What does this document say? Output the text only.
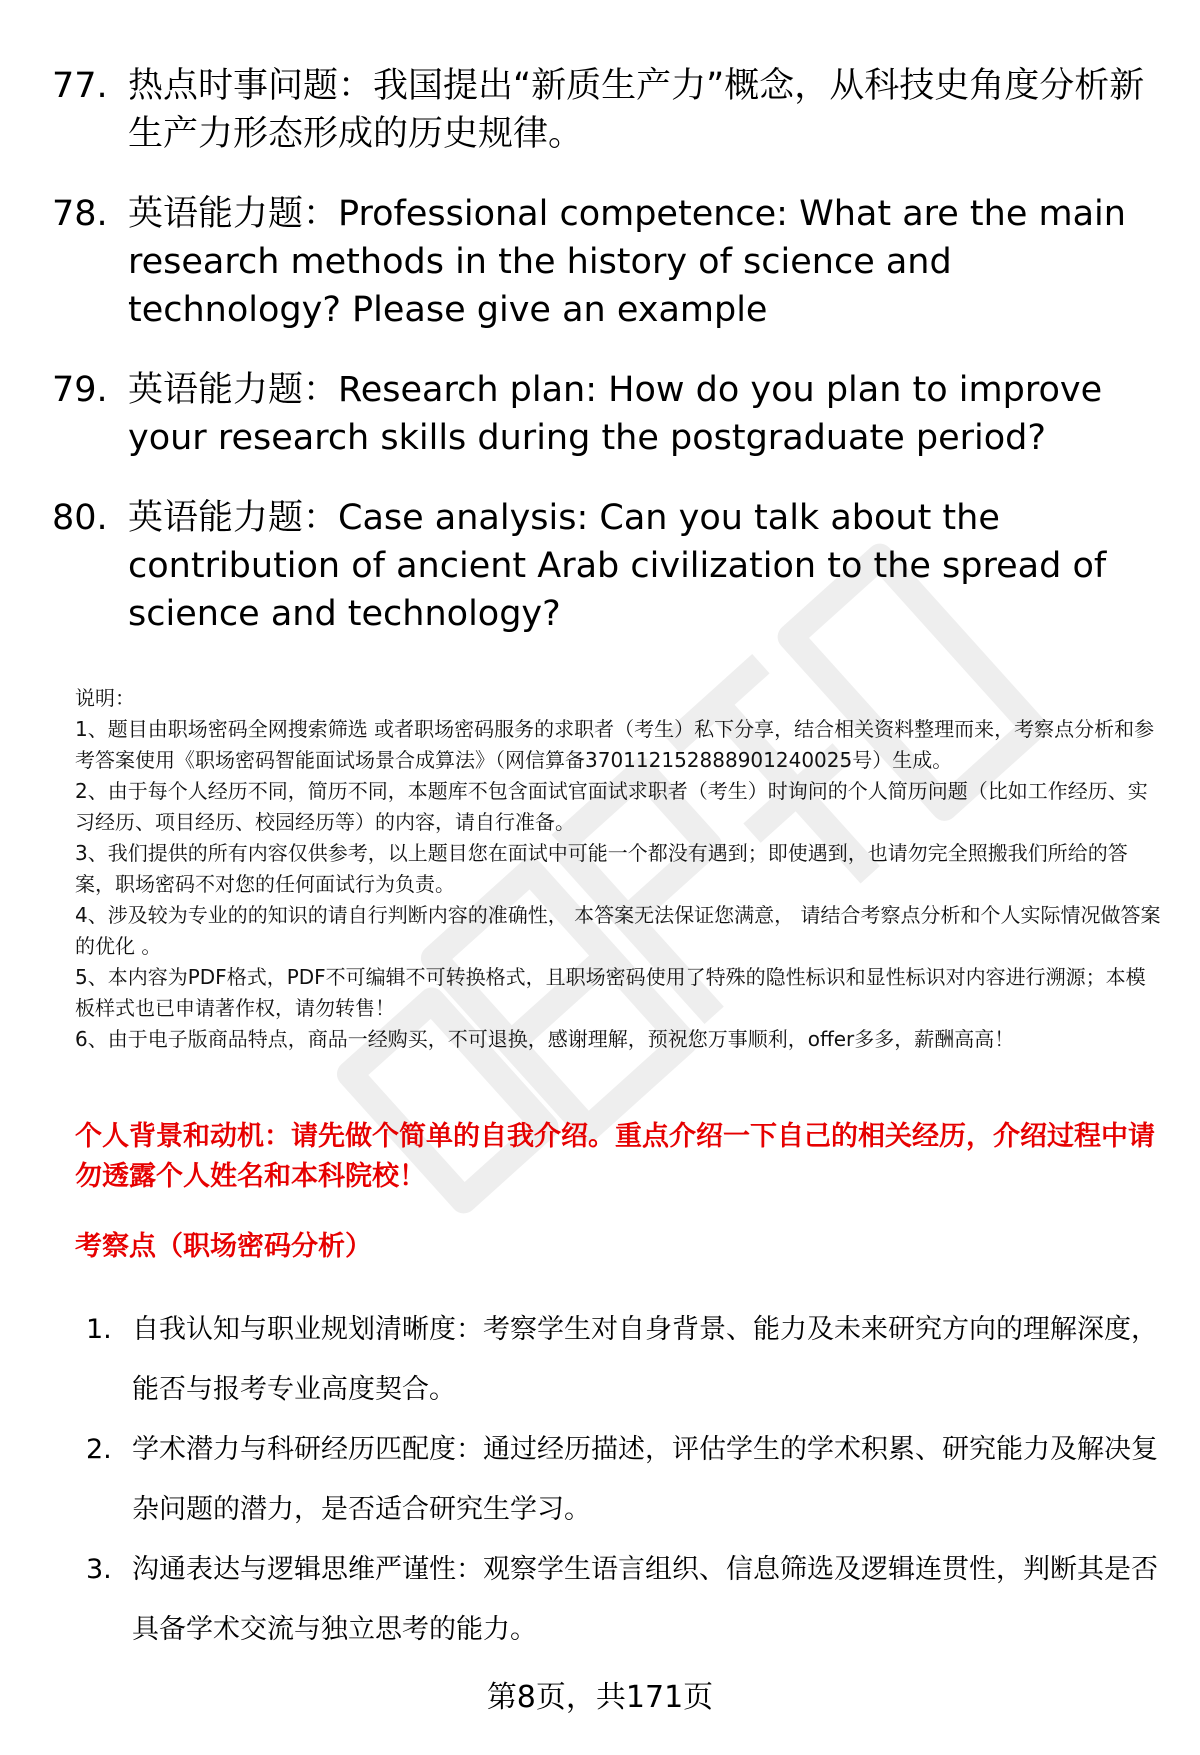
77. 热点时事问题：我国提出“新质生产力”概念，从科技史角度分析新生产力形态形成的历史规律。
78. 英语能力题：Professional competence: What are the main research methods in the history of science and technology? Please give an example
79. 英语能力题：Research plan: How do you plan to improve your research skills during the postgraduate period?
80. 英语能力题：Case analysis: Can you talk about the contribution of ancient Arab civilization to the spread of science and technology?

说明：

1、题目由职场密码全网搜索筛选 或者职场密码服务的求职者（考生）私下分享，结合相关资料整理而来，考察点分析和参考答案使用《职场密码智能面试场景合成算法》（网信算备370112152888901240025号）生成。

2、由于每个人经历不同，简历不同，本题库不包含面试官面试求职者（考生）时询问的个人简历问题（比如工作经历、实习经历、项目经历、校园经历等）的内容，请自行准备。

3、我们提供的所有内容仅供参考，以上题目您在面试中可能一个都没有遇到；即使遇到，也请勿完全照搬我们所给的答案，职场密码不对您的任何面试行为负责。

4、涉及较为专业的的知识的请自行判断内容的准确性， 本答案无法保证您满意， 请结合考察点分析和个人实际情况做答案的优化 。

5、本内容为PDF格式，PDF不可编辑不可转换格式，且职场密码使用了特殊的隐性标识和显性标识对内容进行溯源；本模板样式也已申请著作权，请勿转售！

6、由于电子版商品特点，商品一经购买，不可退换，感谢理解，预祝您万事顺利，offer多多，薪酬高高！

个人背景和动机：请先做个简单的自我介绍。重点介绍一下自己的相关经历，介绍过程中请勿透露个人姓名和本科院校！
考察点（职场密码分析）
1. 自我认知与职业规划清晰度：考察学生对自身背景、能力及未来研究方向的理解深度，能否与报考专业高度契合。
2. 学术潜力与科研经历匹配度：通过经历描述，评估学生的学术积累、研究能力及解决复杂问题的潜力，是否适合研究生学习。
3. 沟通表达与逻辑思维严谨性：观察学生语言组织、信息筛选及逻辑连贯性，判断其是否具备学术交流与独立思考的能力。
第8页，共171页
